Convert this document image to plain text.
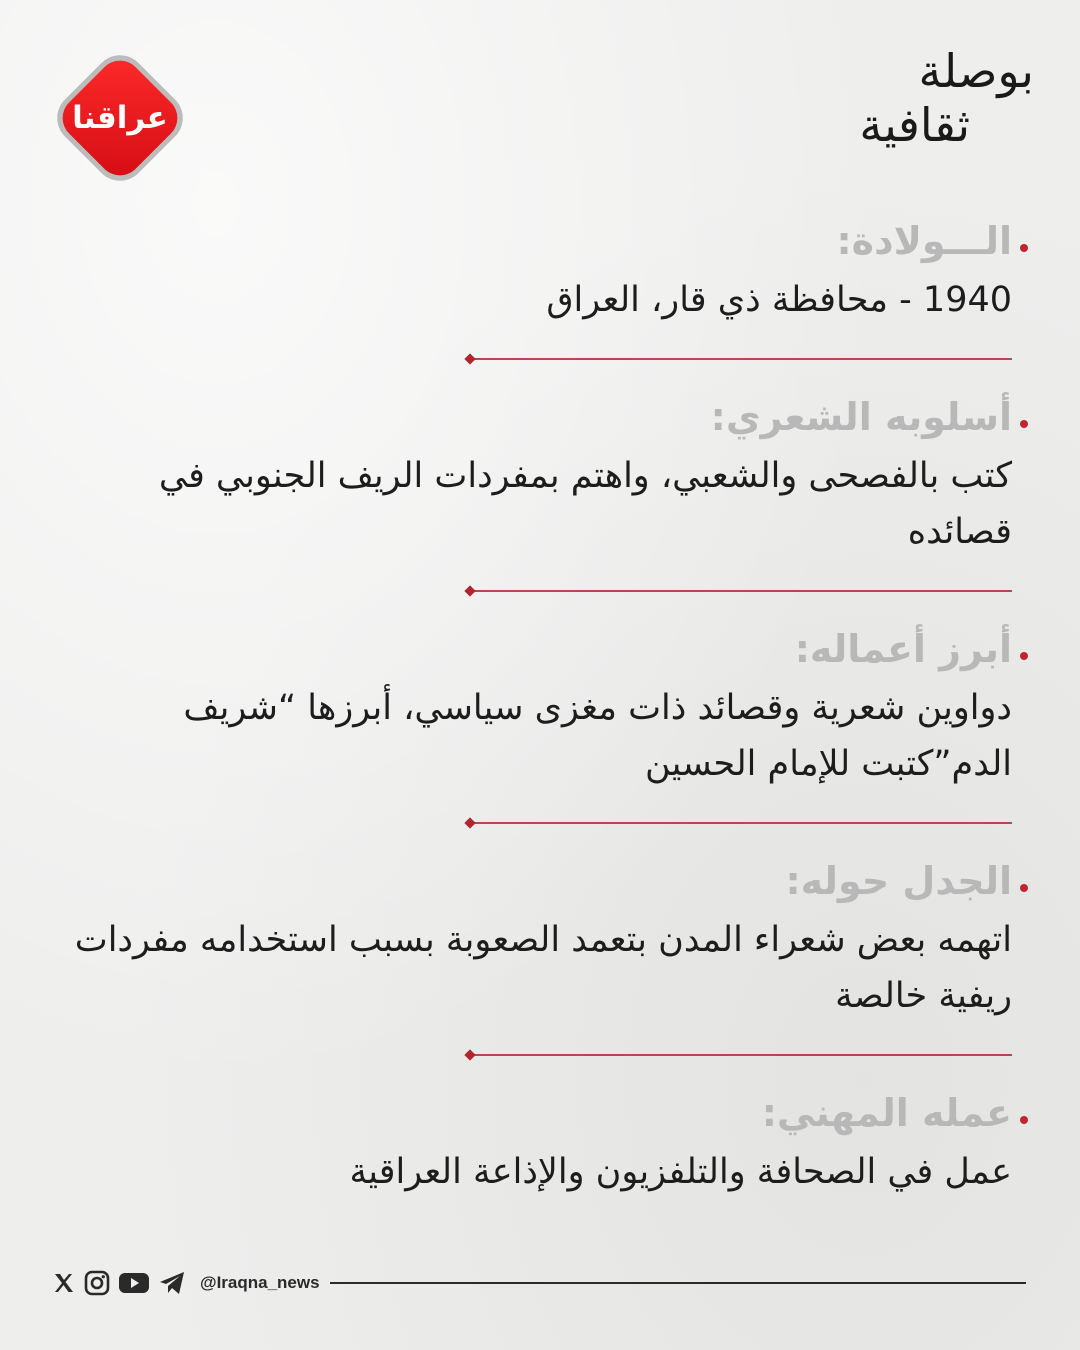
عراقنا
بوصلة
ثقافية
الـــولادة:
1940 - محافظة ذي قار، العراق
أسلوبه الشعري:
كتب بالفصحى والشعبي، واهتم بمفردات الريف الجنوبي في قصائده
أبرز أعماله:
دواوين شعرية وقصائد ذات مغزى سياسي، أبرزها “شريف الدم”كتبت للإمام الحسين
الجدل حوله:
اتهمه بعض شعراء المدن بتعمد الصعوبة بسبب استخدامه مفردات ريفية خالصة
عمله المهني:
عمل في الصحافة والتلفزيون والإذاعة العراقية
@Iraqna_news
